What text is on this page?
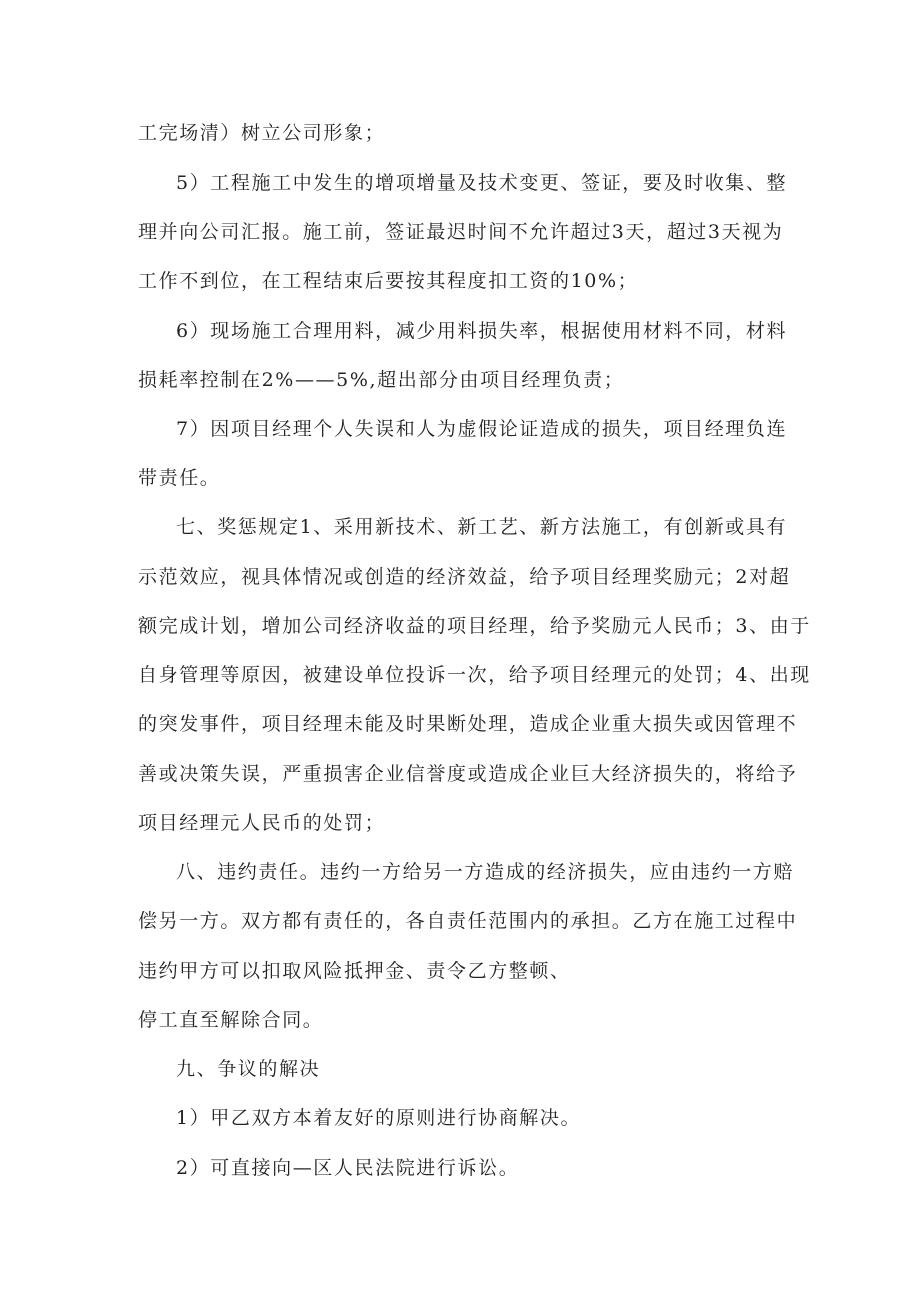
工完场清）树立公司形象；
5）工程施工中发生的增项增量及技术变更、签证，要及时收集、整
理并向公司汇报。施工前，签证最迟时间不允许超过3天，超过3天视为
工作不到位，在工程结束后要按其程度扣工资的10%；
6）现场施工合理用料，减少用料损失率，根据使用材料不同，材料
损耗率控制在2%——5%,超出部分由项目经理负责；
7）因项目经理个人失误和人为虚假论证造成的损失，项目经理负连
带责任。
七、奖惩规定1、采用新技术、新工艺、新方法施工，有创新或具有
示范效应，视具体情况或创造的经济效益，给予项目经理奖励元；2对超
额完成计划，增加公司经济收益的项目经理，给予奖励元人民币；3、由于
自身管理等原因，被建设单位投诉一次，给予项目经理元的处罚；4、出现
的突发事件，项目经理未能及时果断处理，造成企业重大损失或因管理不
善或决策失误，严重损害企业信誉度或造成企业巨大经济损失的，将给予
项目经理元人民币的处罚；
八、违约责任。违约一方给另一方造成的经济损失，应由违约一方赔
偿另一方。双方都有责任的，各自责任范围内的承担。乙方在施工过程中
违约甲方可以扣取风险抵押金、责令乙方整顿、
停工直至解除合同。
九、争议的解决
1）甲乙双方本着友好的原则进行协商解决。
2）可直接向—区人民法院进行诉讼。
